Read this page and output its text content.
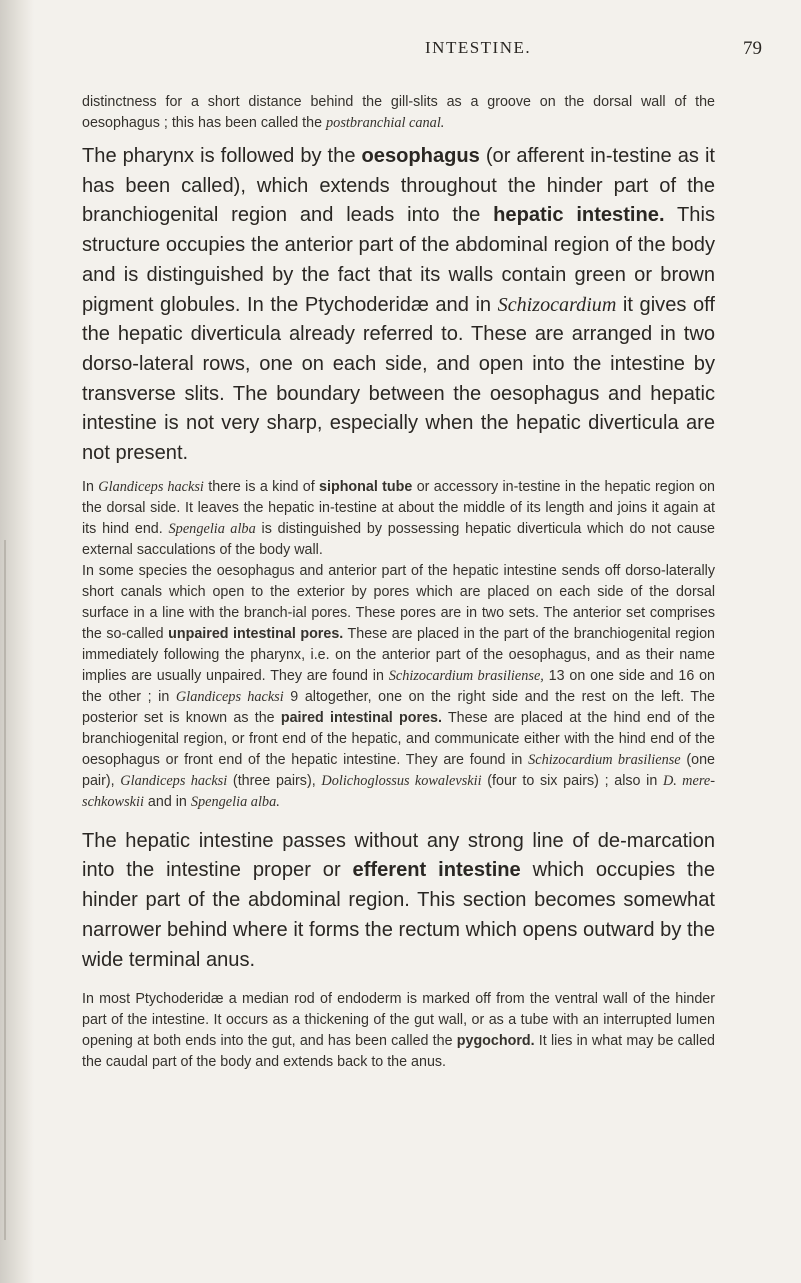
INTESTINE.	79

distinctness for a short distance behind the gill-slits as a groove on the dorsal wall of the oesophagus ; this has been called the postbranchial canal.

The pharynx is followed by the oesophagus (or afferent in-testine as it has been called), which extends throughout the hinder part of the branchiogenital region and leads into the hepatic intestine. This structure occupies the anterior part of the abdominal region of the body and is distinguished by the fact that its walls contain green or brown pigment globules. In the Ptychoderidæ and in Schizocardium it gives off the hepatic diverticula already referred to. These are arranged in two dorso-lateral rows, one on each side, and open into the intestine by transverse slits. The boundary between the oesophagus and hepatic intestine is not very sharp, especially when the hepatic diverticula are not present.

In Glandiceps hacksi there is a kind of siphonal tube or accessory in-testine in the hepatic region on the dorsal side. It leaves the hepatic in-testine at about the middle of its length and joins it again at its hind end. Spengelia alba is distinguished by possessing hepatic diverticula which do not cause external sacculations of the body wall.

In some species the oesophagus and anterior part of the hepatic intestine sends off dorso-laterally short canals which open to the exterior by pores which are placed on each side of the dorsal surface in a line with the branch-ial pores. These pores are in two sets. The anterior set comprises the so-called unpaired intestinal pores. These are placed in the part of the branchiogenital region immediately following the pharynx, i.e. on the anterior part of the oesophagus, and as their name implies are usually unpaired. They are found in Schizocardium brasiliense, 13 on one side and 16 on the other ; in Glandiceps hacksi 9 altogether, one on the right side and the rest on the left. The posterior set is known as the paired intestinal pores. These are placed at the hind end of the branchiogenital region, or front end of the hepatic, and communicate either with the hind end of the oesophagus or front end of the hepatic intestine. They are found in Schizocardium brasiliense (one pair), Glandiceps hacksi (three pairs), Dolichoglossus kowalevskii (four to six pairs) ; also in D. mere-schkowskii and in Spengelia alba.

The hepatic intestine passes without any strong line of de-marcation into the intestine proper or efferent intestine which occupies the hinder part of the abdominal region. This section becomes somewhat narrower behind where it forms the rectum which opens outward by the wide terminal anus.

In most Ptychoderidæ a median rod of endoderm is marked off from the ventral wall of the hinder part of the intestine. It occurs as a thickening of the gut wall, or as a tube with an interrupted lumen opening at both ends into the gut, and has been called the pygochord. It lies in what may be called the caudal part of the body and extends back to the anus.
